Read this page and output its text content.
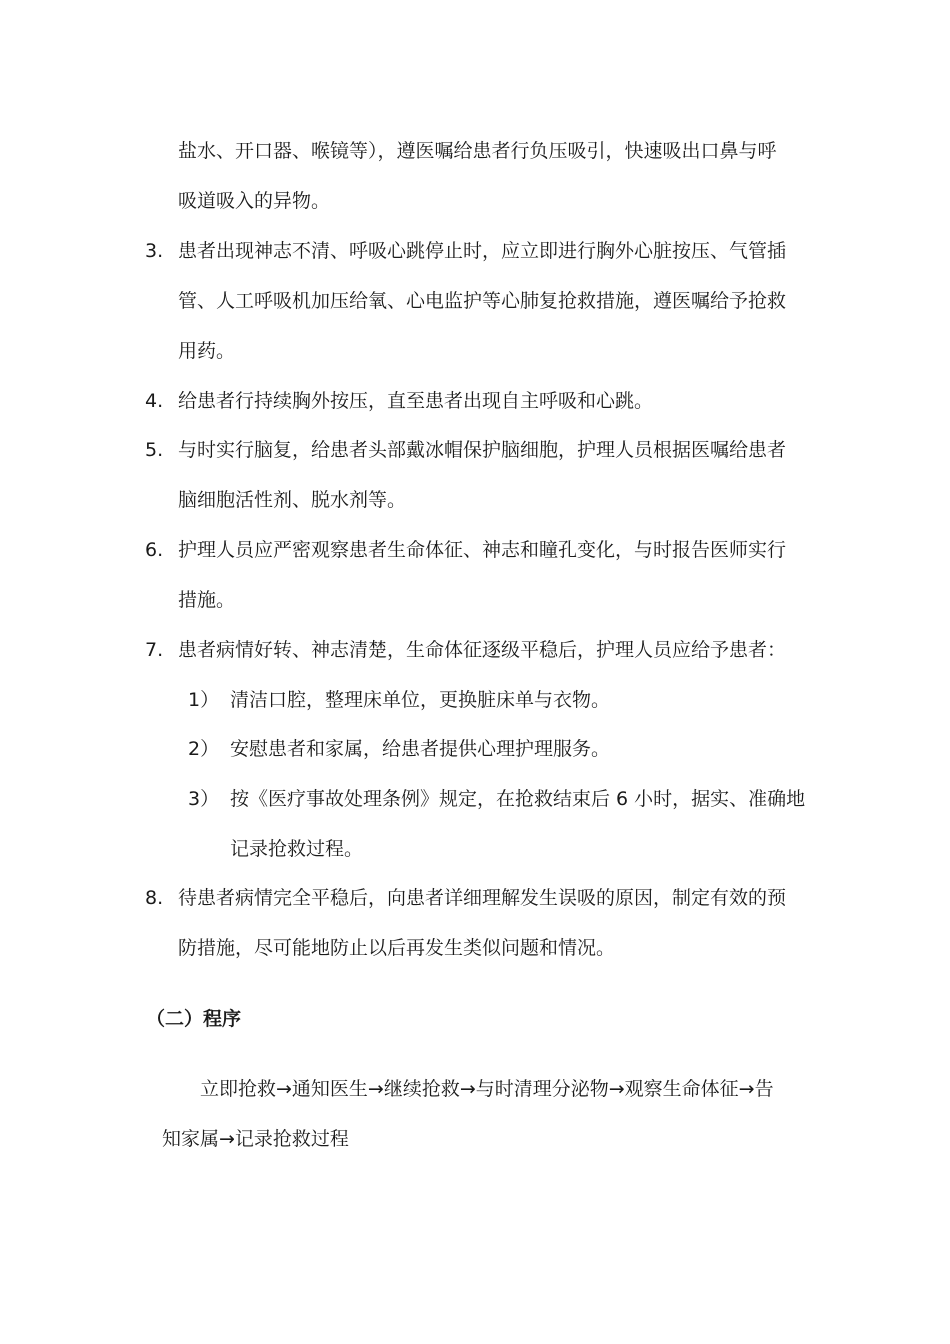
盐水、开口器、喉镜等），遵医嘱给患者行负压吸引，快速吸出口鼻与呼
吸道吸入的异物。
3. 患者出现神志不清、呼吸心跳停止时，应立即进行胸外心脏按压、气管插
管、人工呼吸机加压给氧、心电监护等心肺复抢救措施，遵医嘱给予抢救
用药。
4. 给患者行持续胸外按压，直至患者出现自主呼吸和心跳。
5. 与时实行脑复，给患者头部戴冰帽保护脑细胞，护理人员根据医嘱给患者
脑细胞活性剂、脱水剂等。
6. 护理人员应严密观察患者生命体征、神志和瞳孔变化，与时报告医师实行
措施。
7. 患者病情好转、神志清楚，生命体征逐级平稳后，护理人员应给予患者：
1） 清洁口腔，整理床单位，更换脏床单与衣物。
2） 安慰患者和家属，给患者提供心理护理服务。
3） 按《医疗事故处理条例》规定，在抢救结束后 6 小时，据实、准确地
记录抢救过程。
8. 待患者病情完全平稳后，向患者详细理解发生误吸的原因，制定有效的预
防措施，尽可能地防止以后再发生类似问题和情况。
（二）程序
立即抢救→通知医生→继续抢救→与时清理分泌物→观察生命体征→告
知家属→记录抢救过程
